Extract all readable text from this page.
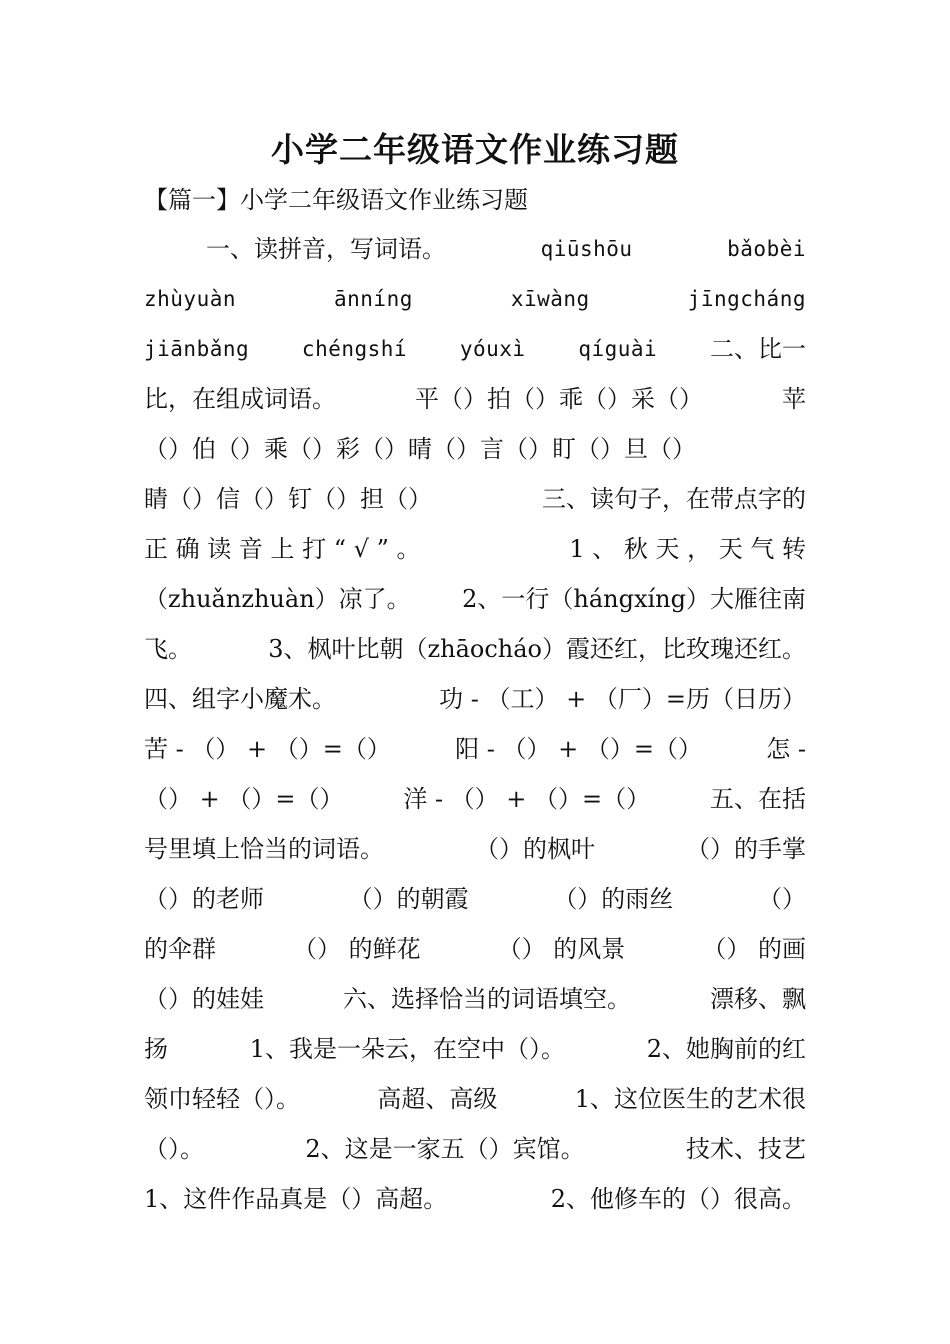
小学二年级语文作业练习题
【篇一】小学二年级语文作业练习题
一、读拼音，写词语。	qiūshōu	bǎobèi
zhùyuàn	ānníng	xīwàng	jīngcháng
jiānbǎng	chéngshí	yóuxì	qíguài 二、比一
比，在组成词语。	平（）拍（）乖（）采（）	苹
（）伯（）乘（）彩（） 晴（）言（）盯（）旦（）
睛（）信（）钉（）担（）	三、读句子，在带点字的
正 确 读 音 上 打 “ √ ” 。	1 、 秋 天 ， 天 气 转
（zhuǎnzhuàn）凉了。 2、一行（hángxíng）大雁往南
飞。	3、枫叶比朝（zhāocháo）霞还红，比玫瑰还红。
四、组字小魔术。	功 - （工） + （厂）=历（日历）
苦 - （） + （）=（）	阳 - （） + （）=（）	怎 -
（） + （）=（） 洋 - （） + （）=（） 五、在括
号里填上恰当的词语。	（）的枫叶	（）的手掌
（）的老师	（）的朝霞	（）的雨丝	（）
的伞群	（） 的鲜花	（） 的风景	（） 的画
（）的娃娃	六、选择恰当的词语填空。	漂移、飘
扬	1、我是一朵云，在空中（）。	2、她胸前的红
领巾轻轻（）。	高超、高级	1、这位医生的艺术很
（）。	2、这是一家五（）宾馆。	技术、技艺
1、这件作品真是（）高超。	2、他修车的（）很高。
